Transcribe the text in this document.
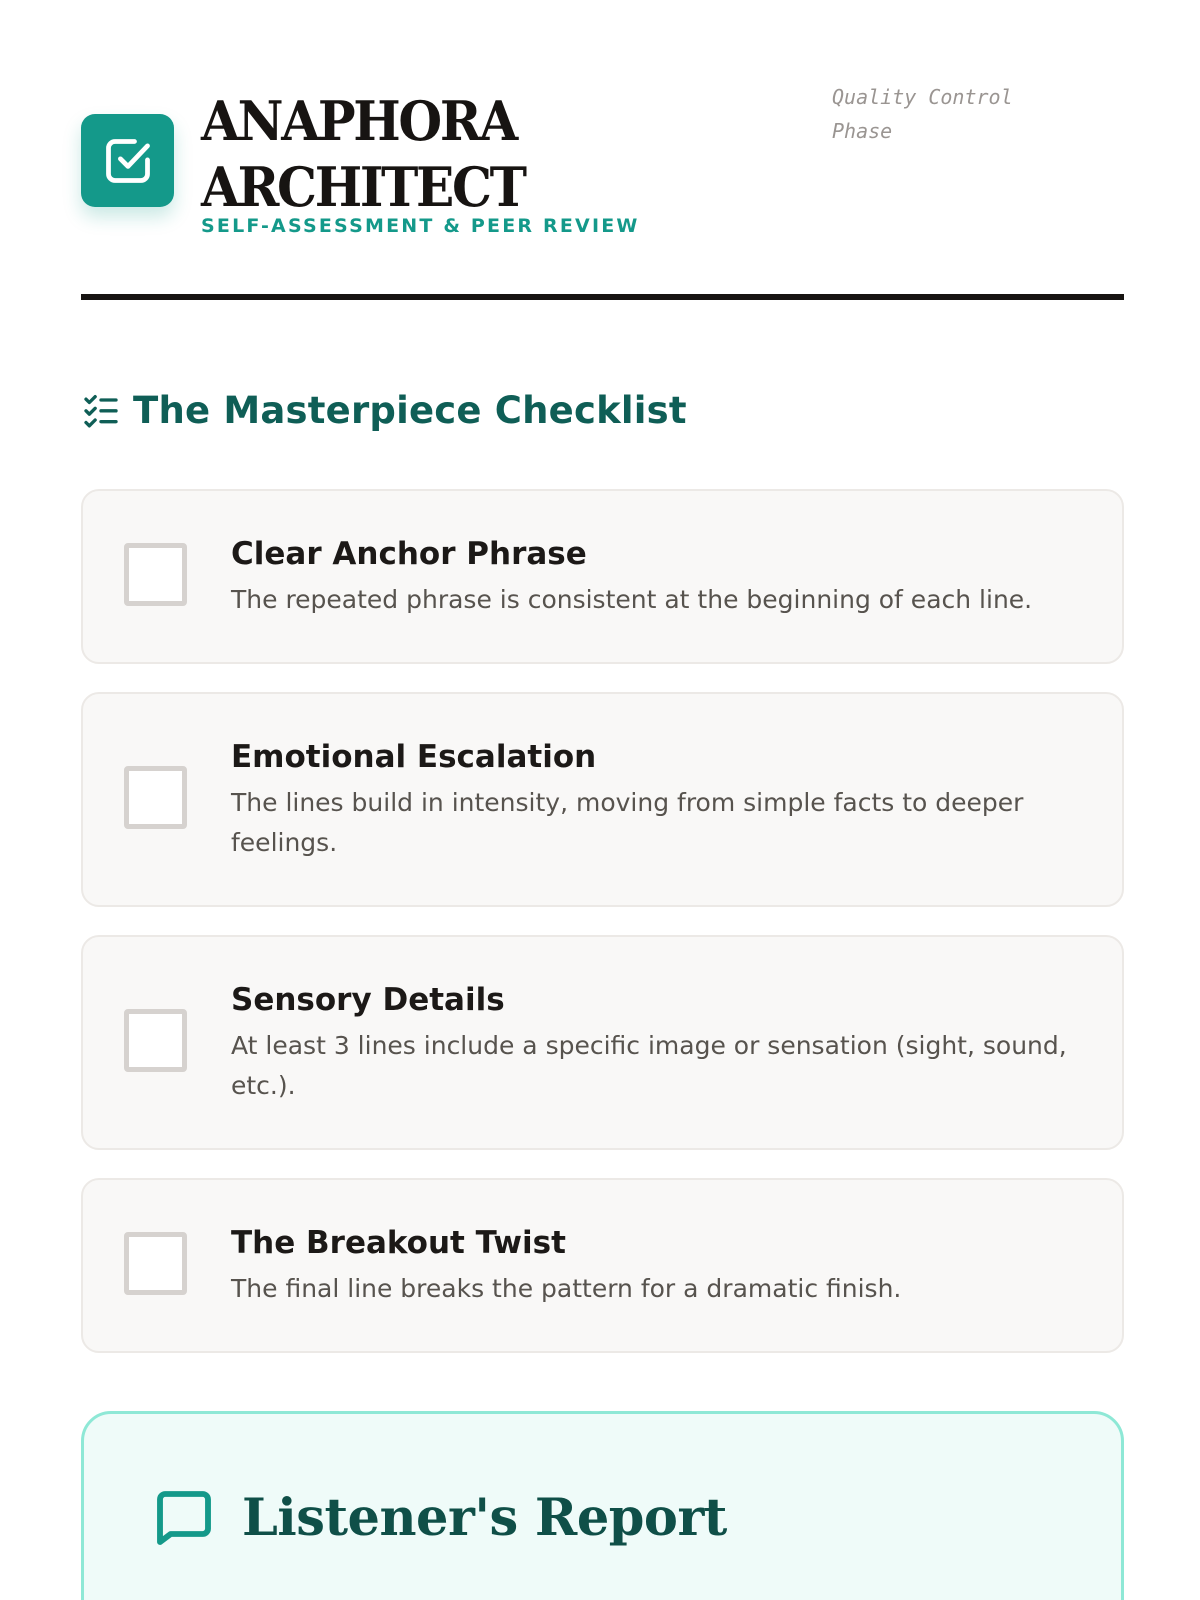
ANAPHORA
ARCHITECT
SELF-ASSESSMENT & PEER REVIEW
Quality Control
Phase
The Masterpiece Checklist
Clear Anchor Phrase

The repeated phrase is consistent at the beginning of each line.

Emotional Escalation

The lines build in intensity, moving from simple facts to deeper feelings.

Sensory Details

At least 3 lines include a specific image or sensation (sight, sound, etc.).

The Breakout Twist

The final line breaks the pattern for a dramatic finish.

Listener's Report
